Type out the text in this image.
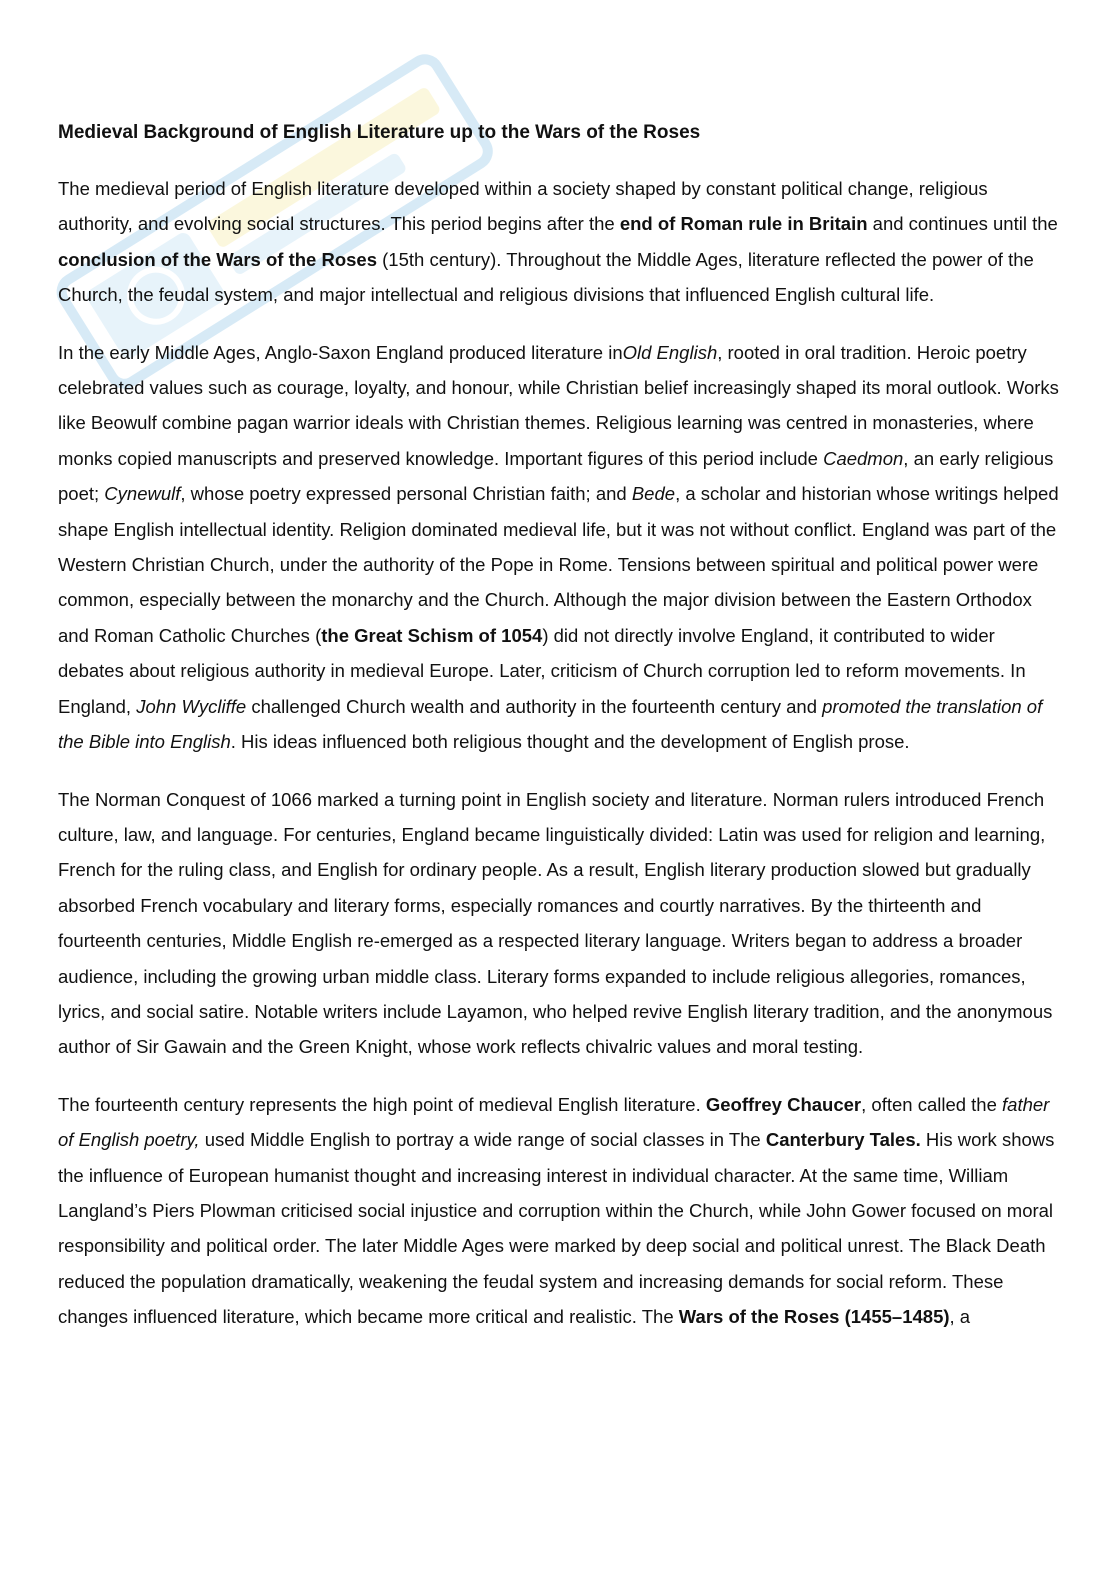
Medieval Background of English Literature up to the Wars of the Roses

The medieval period of English literature developed within a society shaped by constant political change, religious authority, and evolving social structures. This period begins after the end of Roman rule in Britain and continues until the conclusion of the Wars of the Roses (15th century). Throughout the Middle Ages, literature reflected the power of the Church, the feudal system, and major intellectual and religious divisions that influenced English cultural life.

In the early Middle Ages, Anglo-Saxon England produced literature inOld English, rooted in oral tradition. Heroic poetry celebrated values such as courage, loyalty, and honour, while Christian belief increasingly shaped its moral outlook. Works like Beowulf combine pagan warrior ideals with Christian themes. Religious learning was centred in monasteries, where monks copied manuscripts and preserved knowledge. Important figures of this period include Caedmon, an early religious poet; Cynewulf, whose poetry expressed personal Christian faith; and Bede, a scholar and historian whose writings helped shape English intellectual identity. Religion dominated medieval life, but it was not without conflict. England was part of the Western Christian Church, under the authority of the Pope in Rome. Tensions between spiritual and political power were common, especially between the monarchy and the Church. Although the major division between the Eastern Orthodox and Roman Catholic Churches (the Great Schism of 1054) did not directly involve England, it contributed to wider debates about religious authority in medieval Europe. Later, criticism of Church corruption led to reform movements. In England, John Wycliffe challenged Church wealth and authority in the fourteenth century and promoted the translation of the Bible into English. His ideas influenced both religious thought and the development of English prose.

The Norman Conquest of 1066 marked a turning point in English society and literature. Norman rulers introduced French culture, law, and language. For centuries, England became linguistically divided: Latin was used for religion and learning, French for the ruling class, and English for ordinary people. As a result, English literary production slowed but gradually absorbed French vocabulary and literary forms, especially romances and courtly narratives. By the thirteenth and fourteenth centuries, Middle English re-emerged as a respected literary language. Writers began to address a broader audience, including the growing urban middle class. Literary forms expanded to include religious allegories, romances, lyrics, and social satire. Notable writers include Layamon, who helped revive English literary tradition, and the anonymous author of Sir Gawain and the Green Knight, whose work reflects chivalric values and moral testing.

The fourteenth century represents the high point of medieval English literature. Geoffrey Chaucer, often called the father of English poetry, used Middle English to portray a wide range of social classes in The Canterbury Tales. His work shows the influence of European humanist thought and increasing interest in individual character. At the same time, William Langland’s Piers Plowman criticised social injustice and corruption within the Church, while John Gower focused on moral responsibility and political order. The later Middle Ages were marked by deep social and political unrest. The Black Death reduced the population dramatically, weakening the feudal system and increasing demands for social reform. These changes influenced literature, which became more critical and realistic. The Wars of the Roses (1455–1485), a
